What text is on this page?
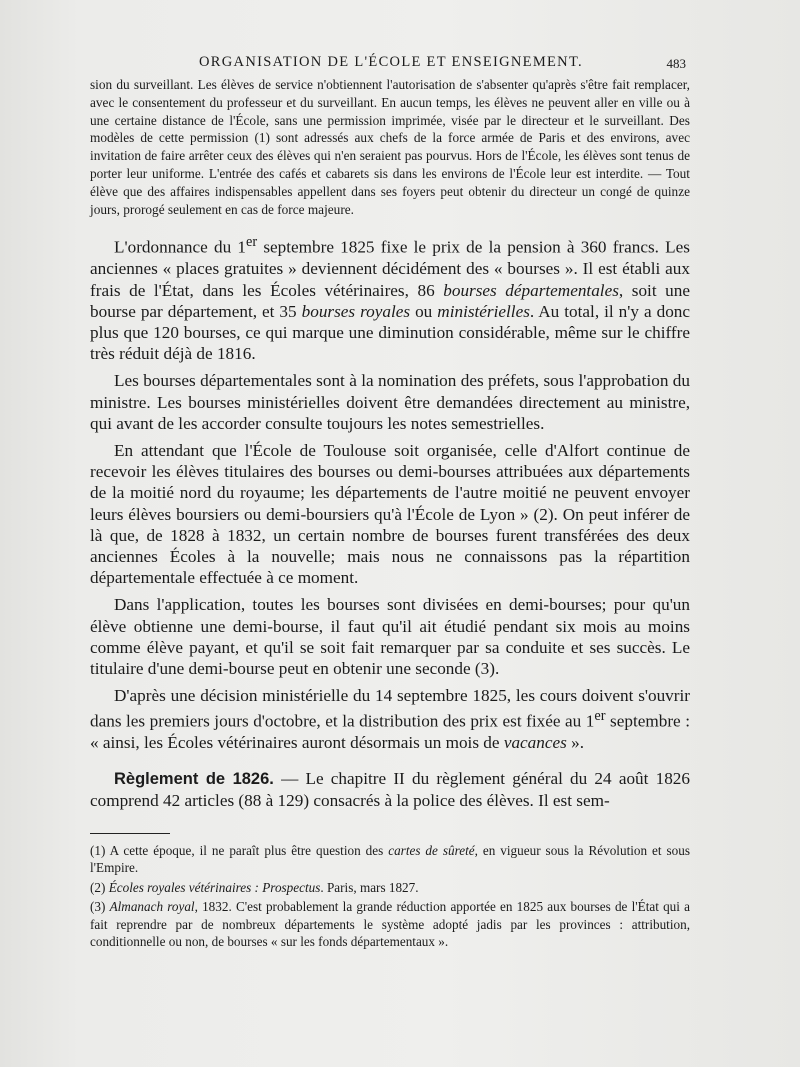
ORGANISATION DE L'ÉCOLE ET ENSEIGNEMENT.	483

sion du surveillant. Les élèves de service n'obtiennent l'autorisation de s'absenter qu'après s'être fait remplacer, avec le consentement du professeur et du surveillant. En aucun temps, les élèves ne peuvent aller en ville ou à une certaine distance de l'École, sans une permission imprimée, visée par le directeur et le surveillant. Des modèles de cette permission (1) sont adressés aux chefs de la force armée de Paris et des environs, avec invitation de faire arrêter ceux des élèves qui n'en seraient pas pourvus. Hors de l'École, les élèves sont tenus de porter leur uniforme. L'entrée des cafés et cabarets sis dans les environs de l'École leur est interdite. — Tout élève que des affaires indispensables appellent dans ses foyers peut obtenir du directeur un congé de quinze jours, prorogé seulement en cas de force majeure.

L'ordonnance du 1er septembre 1825 fixe le prix de la pension à 360 francs. Les anciennes « places gratuites » deviennent décidément des « bourses ». Il est établi aux frais de l'État, dans les Écoles vétérinaires, 86 bourses départementales, soit une bourse par département, et 35 bourses royales ou ministérielles. Au total, il n'y a donc plus que 120 bourses, ce qui marque une diminution considérable, même sur le chiffre très réduit déjà de 1816.

Les bourses départementales sont à la nomination des préfets, sous l'approbation du ministre. Les bourses ministérielles doivent être demandées directement au ministre, qui avant de les accorder consulte toujours les notes semestrielles.

En attendant que l'École de Toulouse soit organisée, celle d'Alfort continue de recevoir les élèves titulaires des bourses ou demi-bourses attribuées aux départements de la moitié nord du royaume; les départements de l'autre moitié ne peuvent envoyer leurs élèves boursiers ou demi-boursiers qu'à l'École de Lyon » (2). On peut inférer de là que, de 1828 à 1832, un certain nombre de bourses furent transférées des deux anciennes Écoles à la nouvelle; mais nous ne connaissons pas la répartition départementale effectuée à ce moment.

Dans l'application, toutes les bourses sont divisées en demi-bourses; pour qu'un élève obtienne une demi-bourse, il faut qu'il ait étudié pendant six mois au moins comme élève payant, et qu'il se soit fait remarquer par sa conduite et ses succès. Le titulaire d'une demi-bourse peut en obtenir une seconde (3).

D'après une décision ministérielle du 14 septembre 1825, les cours doivent s'ouvrir dans les premiers jours d'octobre, et la distribution des prix est fixée au 1er septembre : « ainsi, les Écoles vétérinaires auront désormais un mois de vacances ».

Règlement de 1826. — Le chapitre II du règlement général du 24 août 1826 comprend 42 articles (88 à 129) consacrés à la police des élèves. Il est sem-

(1) A cette époque, il ne paraît plus être question des cartes de sûreté, en vigueur sous la Révolution et sous l'Empire.

(2) Écoles royales vétérinaires : Prospectus. Paris, mars 1827.

(3) Almanach royal, 1832. C'est probablement la grande réduction apportée en 1825 aux bourses de l'État qui a fait reprendre par de nombreux départements le système adopté jadis par les provinces : attribution, conditionnelle ou non, de bourses « sur les fonds départementaux ».
